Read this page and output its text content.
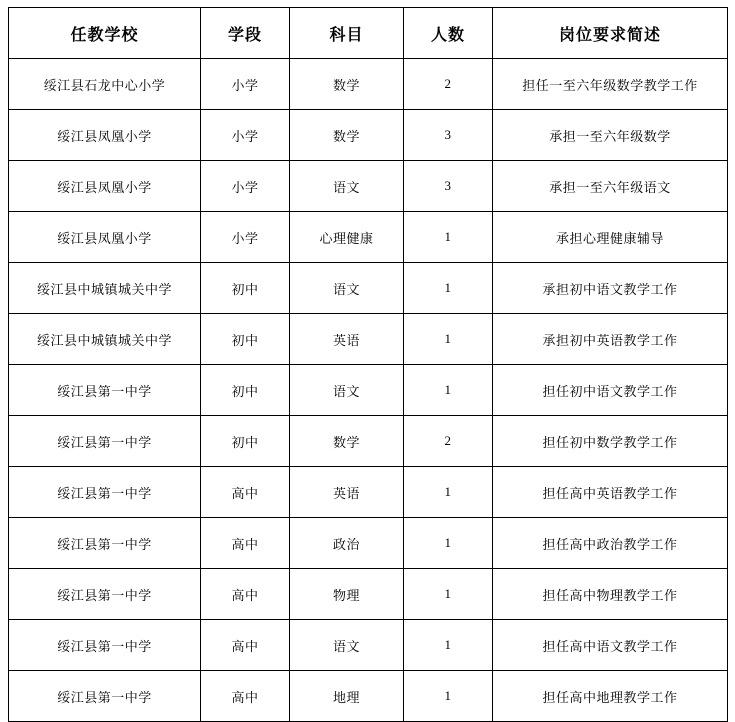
任教学校	学段	科目	人数	岗位要求简述
绥江县石龙中心小学	小学	数学	2	担任一至六年级数学教学工作
绥江县凤凰小学	小学	数学	3	承担一至六年级数学
绥江县凤凰小学	小学	语文	3	承担一至六年级语文
绥江县凤凰小学	小学	心理健康	1	承担心理健康辅导
绥江县中城镇城关中学	初中	语文	1	承担初中语文教学工作
绥江县中城镇城关中学	初中	英语	1	承担初中英语教学工作
绥江县第一中学	初中	语文	1	担任初中语文教学工作
绥江县第一中学	初中	数学	2	担任初中数学教学工作
绥江县第一中学	高中	英语	1	担任高中英语教学工作
绥江县第一中学	高中	政治	1	担任高中政治教学工作
绥江县第一中学	高中	物理	1	担任高中物理教学工作
绥江县第一中学	高中	语文	1	担任高中语文教学工作
绥江县第一中学	高中	地理	1	担任高中地理教学工作
